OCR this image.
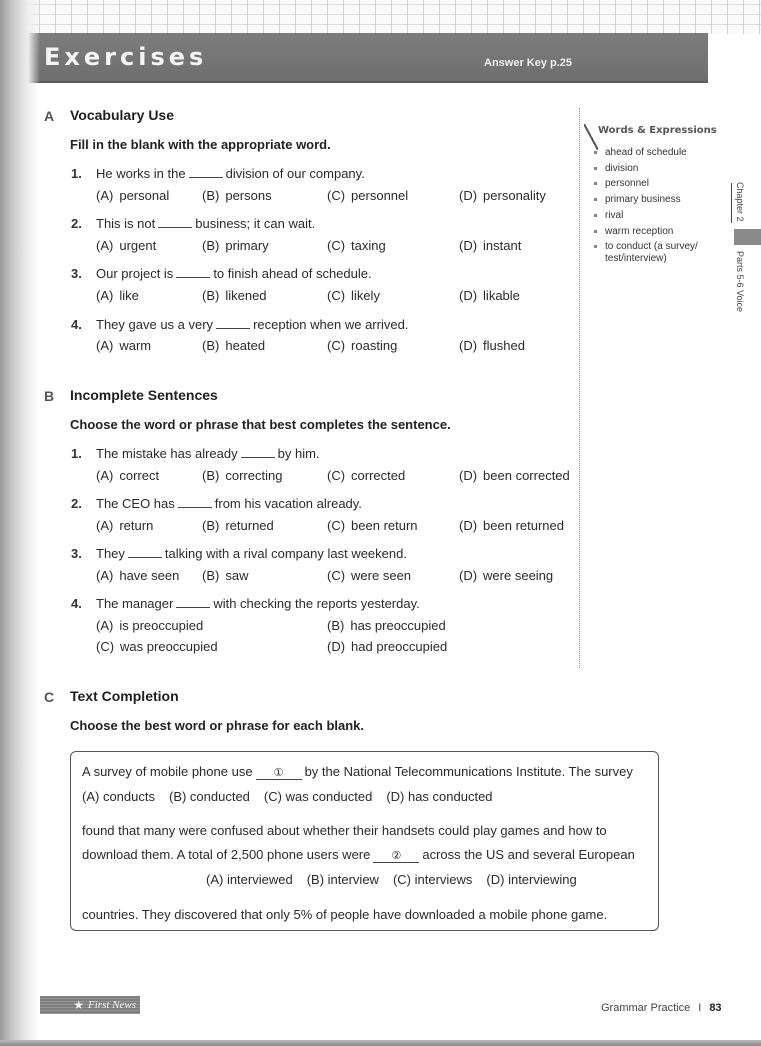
Exercises	Answer Key p.25
A Vocabulary Use
Fill in the blank with the appropriate word.
1. He works in the	division of our company.
(A) personal	(B) persons	(C) personnel	(D) personality
2. This is not	business; it can wait.
(A) urgent	(B) primary	(C) taxing	(D) instant
3. Our project is	to finish ahead of schedule.
(A) like	(B) likened	(C) likely	(D) likable
4. They gave us a very	reception when we arrived.
(A) warm	(B) heated	(C) roasting	(D) flushed
B Incomplete Sentences
Choose the word or phrase that best completes the sentence.
1. The mistake has already	by him.
(A) correct	(B) correcting	(C) corrected	(D) been corrected
2. The CEO has	from his vacation already.
(A) return	(B) returned	(C) been return	(D) been returned
3. They	talking with a rival company last weekend.
(A) have seen (B) saw	(C) were seen	(D) were seeing
4. The manager	with checking the reports yesterday.
(A) is preoccupied	(B) has preoccupied
(C) was preoccupied	(D) had preoccupied
Words & Expressions
ahead of schedule
division
personnel
primary business
rival
warm reception
to conduct (a survey/ test/interview)
Chapter 2
Parts 5-6 Voice
C Text Completion
Choose the best word or phrase for each blank.
A survey of mobile phone use ① by the National Telecommunications Institute. The survey
(A) conducts (B) conducted (C) was conducted (D) has conducted
found that many were confused about whether their handsets could play games and how to
download them. A total of 2,500 phone users were ② across the US and several European
(A) interviewed (B) interview (C) interviews (D) interviewing
countries. They discovered that only 5% of people have downloaded a mobile phone game.
★ First News	Grammar Practice I 83
